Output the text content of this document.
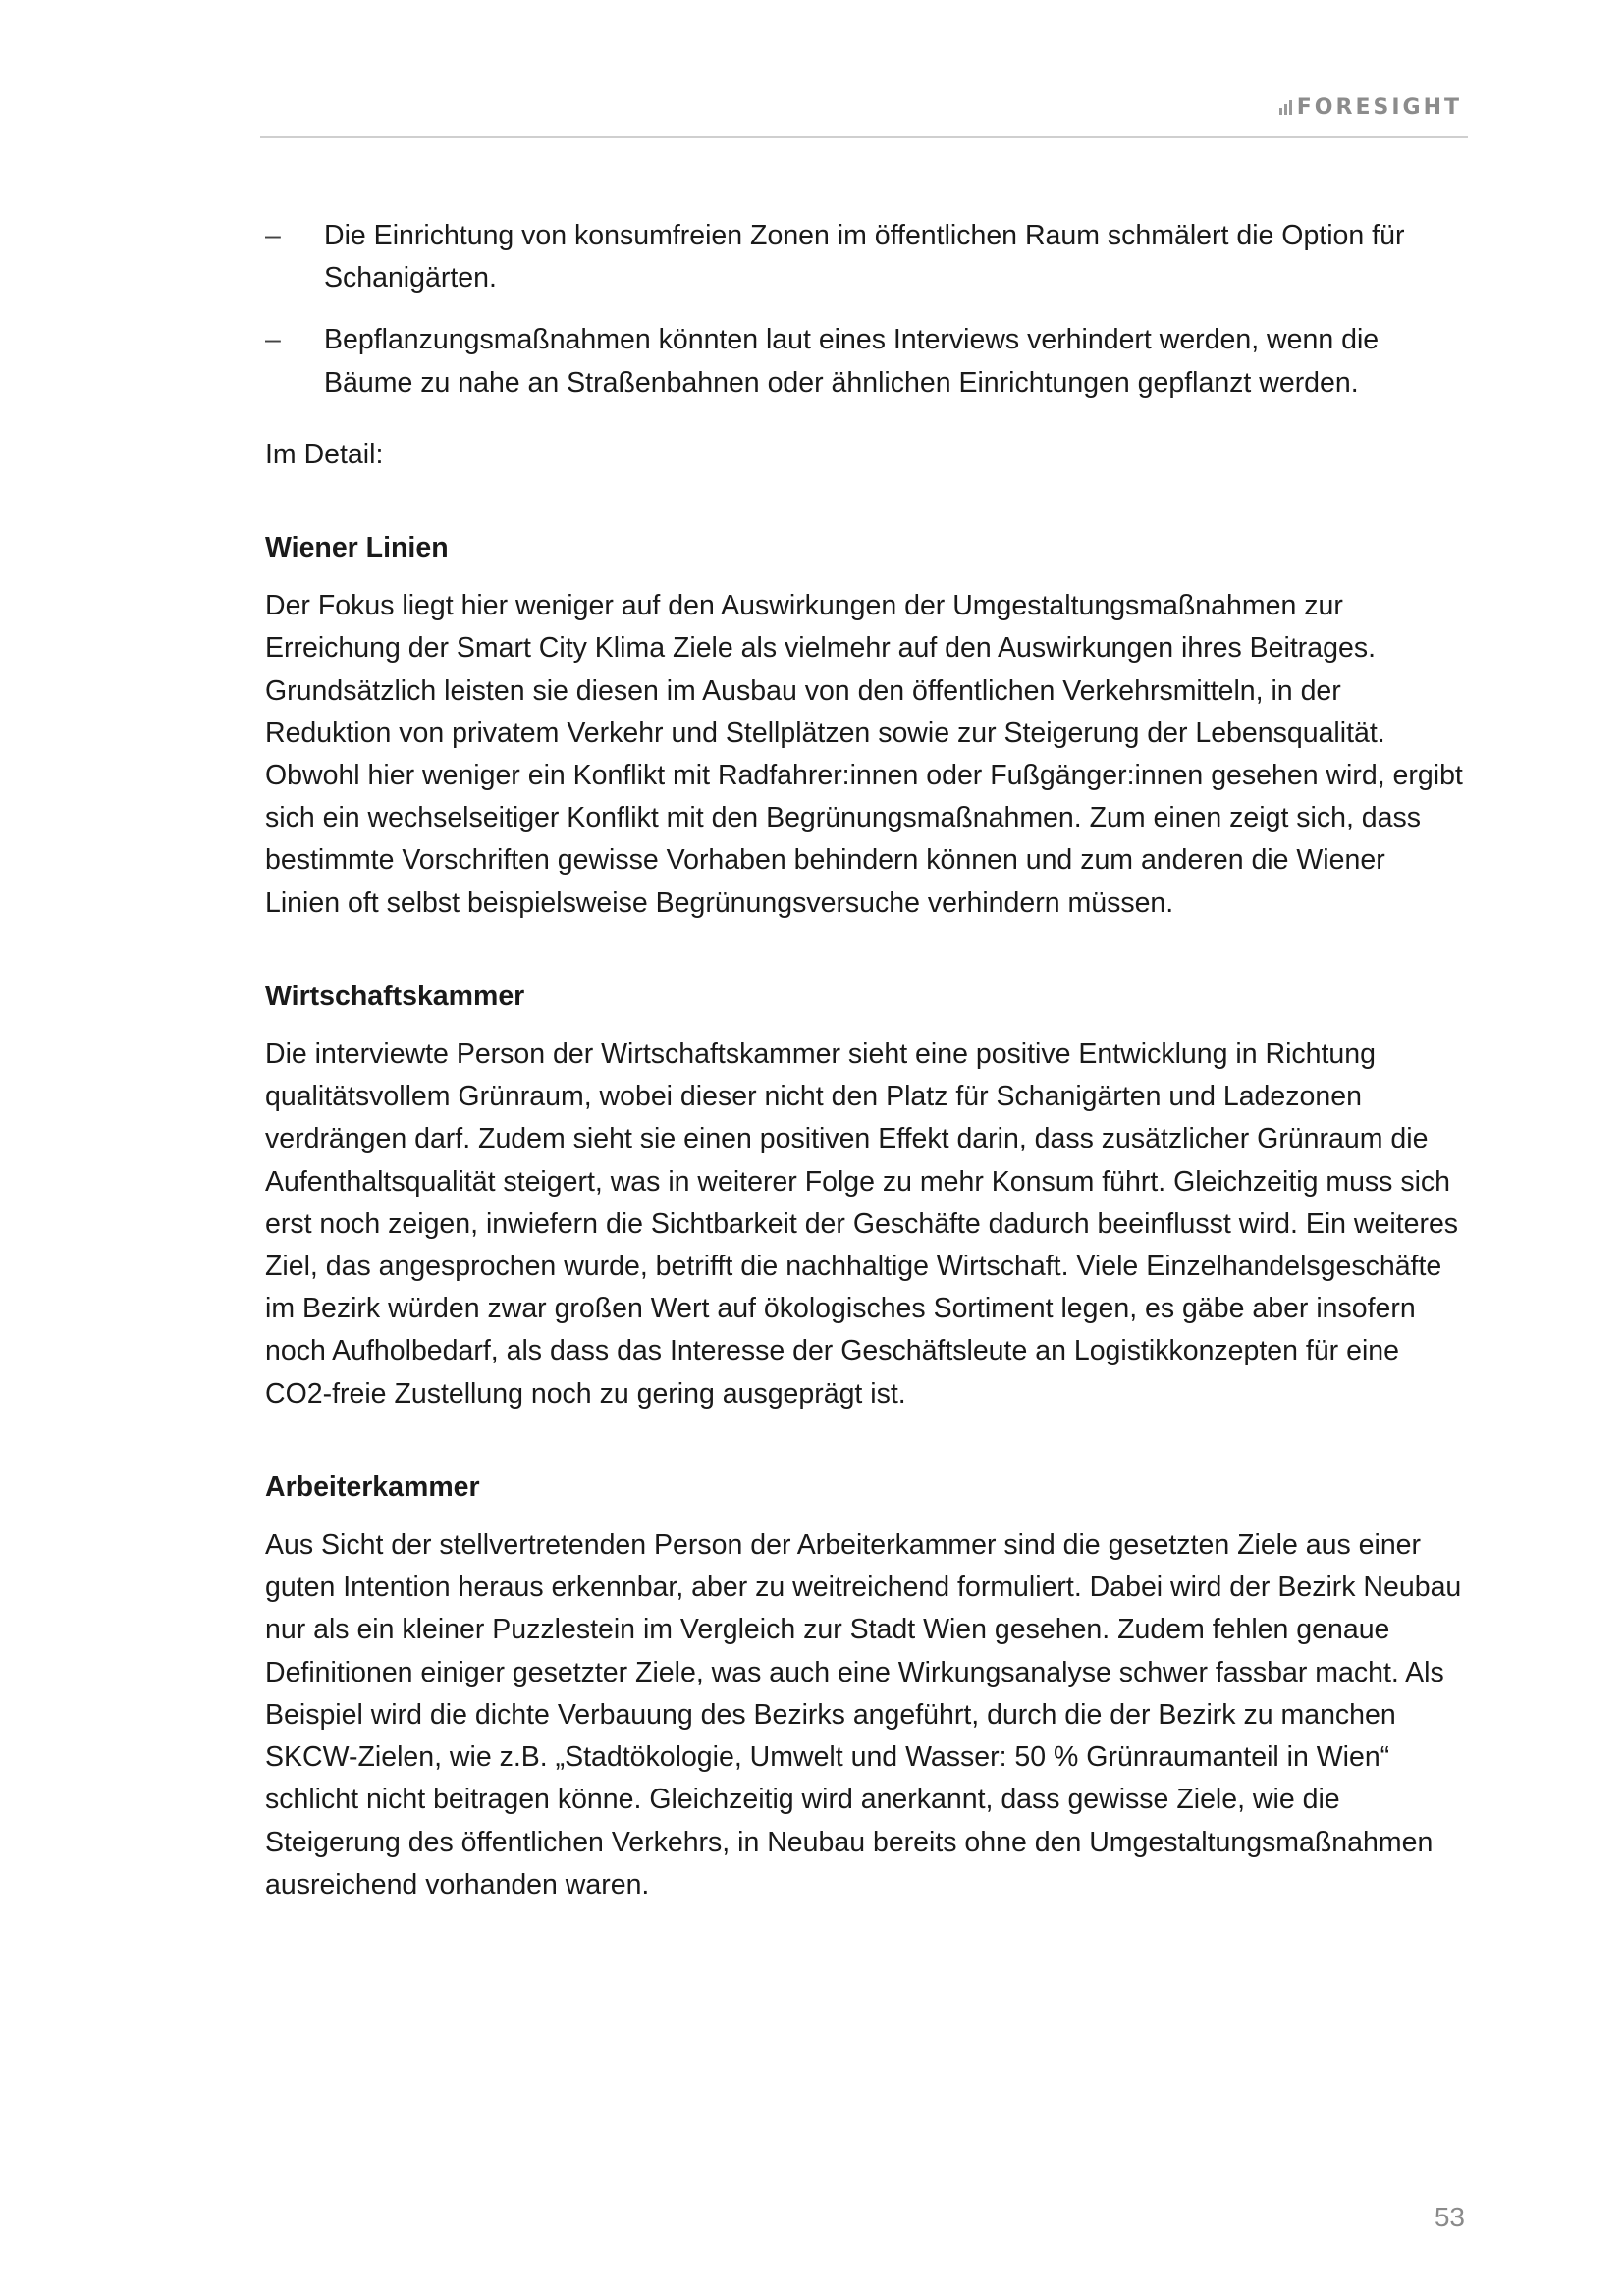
FORESIGHT
– Die Einrichtung von konsumfreien Zonen im öffentlichen Raum schmälert die Option für Schanigärten.

– Bepflanzungsmaßnahmen könnten laut eines Interviews verhindert werden, wenn die Bäume zu nahe an Straßenbahnen oder ähnlichen Einrichtungen gepflanzt werden.

Im Detail:

Wiener Linien

Der Fokus liegt hier weniger auf den Auswirkungen der Umgestaltungsmaßnahmen zur Erreichung der Smart City Klima Ziele als vielmehr auf den Auswirkungen ihres Beitrages. Grundsätzlich leisten sie diesen im Ausbau von den öffentlichen Verkehrsmitteln, in der Reduktion von privatem Verkehr und Stellplätzen sowie zur Steigerung der Lebensqualität. Obwohl hier weniger ein Konflikt mit Radfahrer:innen oder Fußgänger:innen gesehen wird, ergibt sich ein wechselseitiger Konflikt mit den Begrünungsmaßnahmen. Zum einen zeigt sich, dass bestimmte Vorschriften gewisse Vorhaben behindern können und zum anderen die Wiener Linien oft selbst beispielsweise Begrünungsversuche verhindern müssen.

Wirtschaftskammer

Die interviewte Person der Wirtschaftskammer sieht eine positive Entwicklung in Richtung qualitätsvollem Grünraum, wobei dieser nicht den Platz für Schanigärten und Ladezonen verdrängen darf. Zudem sieht sie einen positiven Effekt darin, dass zusätzlicher Grünraum die Aufenthaltsqualität steigert, was in weiterer Folge zu mehr Konsum führt. Gleichzeitig muss sich erst noch zeigen, inwiefern die Sichtbarkeit der Geschäfte dadurch beeinflusst wird. Ein weiteres Ziel, das angesprochen wurde, betrifft die nachhaltige Wirtschaft. Viele Einzelhandelsgeschäfte im Bezirk würden zwar großen Wert auf ökologisches Sortiment legen, es gäbe aber insofern noch Aufholbedarf, als dass das Interesse der Geschäftsleute an Logistikkonzepten für eine CO2-freie Zustellung noch zu gering ausgeprägt ist.

Arbeiterkammer

Aus Sicht der stellvertretenden Person der Arbeiterkammer sind die gesetzten Ziele aus einer guten Intention heraus erkennbar, aber zu weitreichend formuliert. Dabei wird der Bezirk Neubau nur als ein kleiner Puzzlestein im Vergleich zur Stadt Wien gesehen. Zudem fehlen genaue Definitionen einiger gesetzter Ziele, was auch eine Wirkungsanalyse schwer fassbar macht. Als Beispiel wird die dichte Verbauung des Bezirks angeführt, durch die der Bezirk zu manchen SKCW-Zielen, wie z.B. „Stadtökologie, Umwelt und Wasser: 50 % Grünraumanteil in Wien“ schlicht nicht beitragen könne. Gleichzeitig wird anerkannt, dass gewisse Ziele, wie die Steigerung des öffentlichen Verkehrs, in Neubau bereits ohne den Umgestaltungsmaßnahmen ausreichend vorhanden waren.

53
